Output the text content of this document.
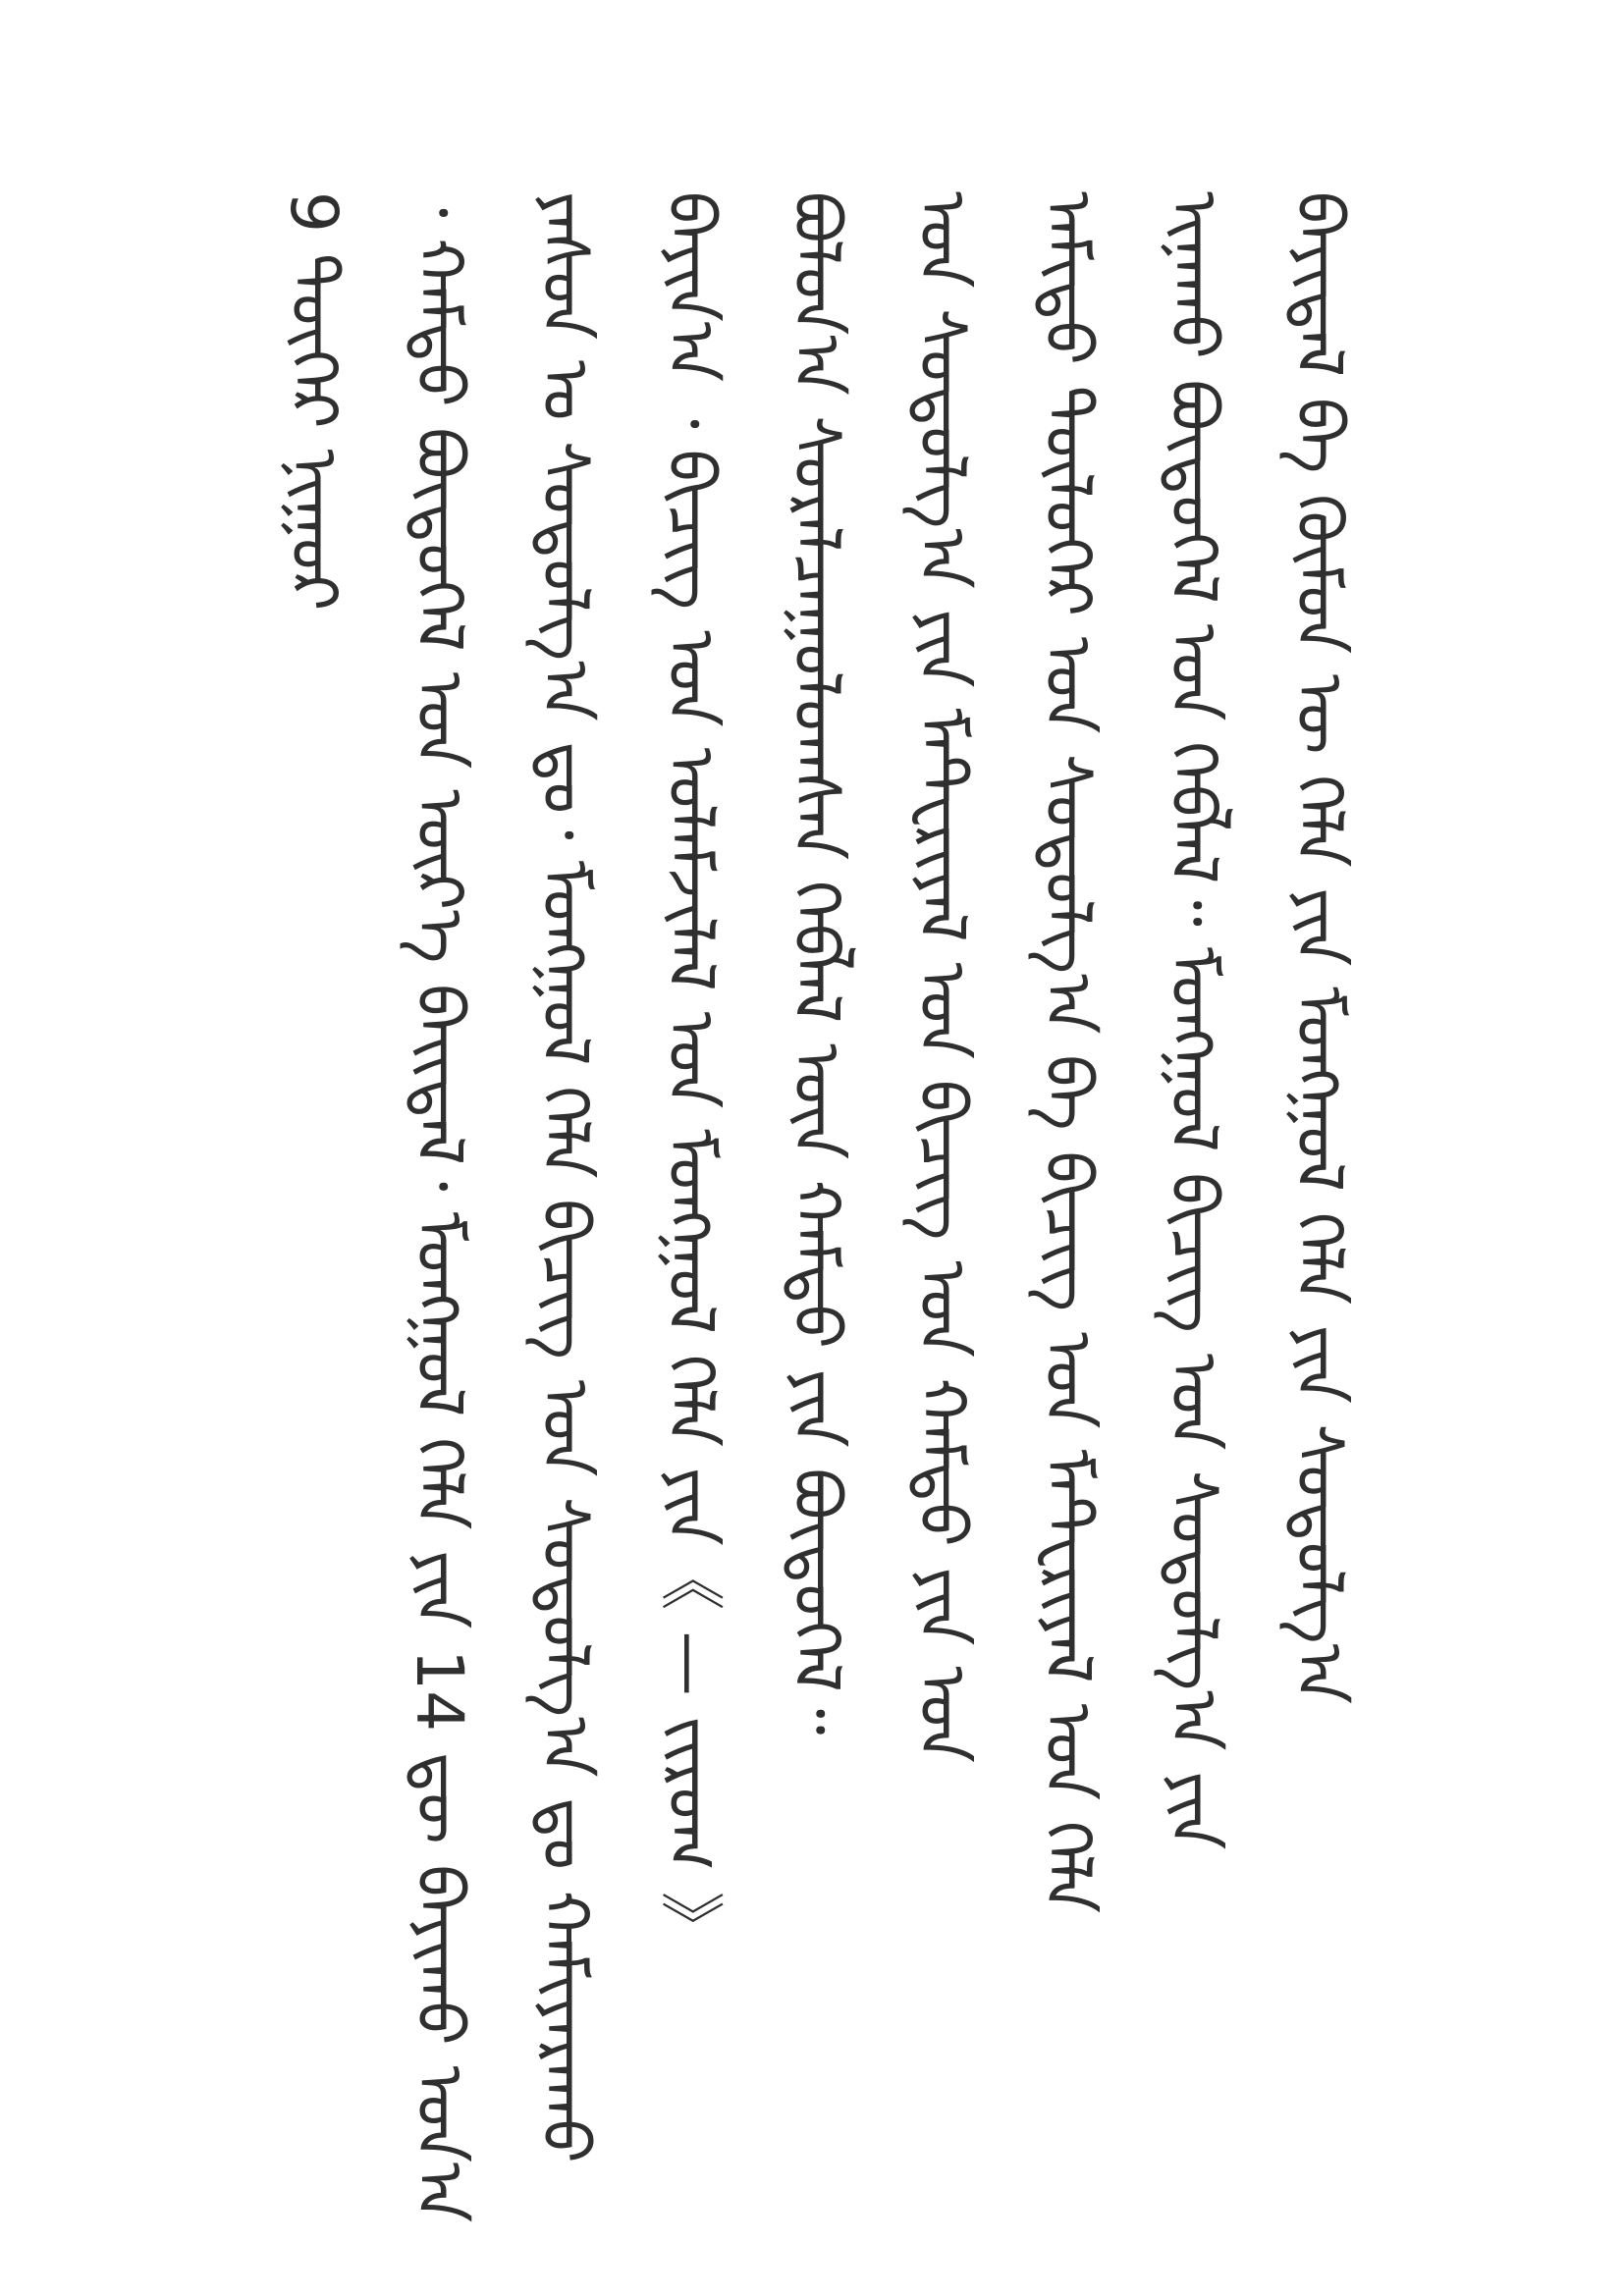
9 ᠳᠦᠭᠡᠷ ᠨᠢᠭᠤᠷ ᠂ ᠬᠠᠮᠲᠤ ᠪᠦᠲᠦᠭᠡᠯ ᠤᠨ ᠦᠷ᠎ᠡ ᠪᠠᠢᠳᠠᠯ᠂ ᠮᠣᠩᠭᠣᠯ ᠬᠡᠯᠡ ᠶᠢᠨ 14 ᠳᠦ ᠪᠠᠶᠢᠬᠤ ᠣᠨ᠎ᠠ ᠶᠠᠰᠤᠨ ᠤ ᠰᠤᠳᠤᠯᠭ᠎ᠠ ᠳᠤ᠂ ᠮᠣᠩᠭᠣᠯ ᠬᠡᠯᠡ ᠪᠢᠴᠢᠭ ᠤᠨ ᠰᠤᠳᠤᠯᠭ᠎ᠠ ᠳᠤ ᠬᠠᠮᠢᠶᠠᠷᠠᠬᠤ ᠪᠠᠶᠢᠨ᠎ᠠ ᠂ ᠪᠢᠴᠢᠭ ᠤᠨ ᠤᠯᠠᠮᠵᠢᠯᠠᠯ ᠤᠨ ᠮᠣᠩᠭᠣᠯ ᠬᠡᠯᠡ ᠶᠢᠨ《 — ᠵᠢᠷᠤᠭ 》 ᠪᠣᠯᠤᠨ᠎ᠠ ᠰᠤᠷᠠᠯᠴᠠᠭᠤᠯᠤᠭᠰᠠᠨ ᠬᠡᠪᠯᠡᠯ ᠦᠨ ᠬᠠᠮᠲᠤ ᠶᠢᠨ ᠪᠦᠲᠦᠭᠡᠯ᠃ ᠤᠨ ᠰᠤᠳᠤᠯᠭ᠎ᠠ ᠶᠢᠨ ᠮᠠᠲᠸᠷᠢᠶᠠᠯ ᠤᠨ ᠪᠢᠴᠢᠭ ᠤᠨ ᠬᠠᠮᠲᠤ ᠶᠢᠨ ᠤᠨ ᠠᠮᠢᠳᠤ ᠲᠦᠯᠦᠭᠡᠷ ᠤᠨ ᠰᠤᠳᠤᠯᠭ᠎ᠠ ᠪᠠ ᠪᠢᠴᠢᠭ ᠤᠨ ᠮᠠᠲᠸᠷᠢᠶᠠᠯ ᠤᠨ ᠬᠡᠯᠡ ᠢᠨᠠᠬᠤ ᠪᠦᠲᠦᠭᠡᠯ ᠤᠨ ᠬᠡᠪᠯᠡᠯ᠃ ᠮᠣᠩᠭᠣᠯ ᠪᠢᠴᠢᠭ ᠤᠨ ᠰᠤᠳᠤᠯᠭ᠎ᠠ ᠶᠢᠨ ᠪᠠᠶᠢᠳᠠᠯ ᠪᠠ ᠬᠦᠮᠦᠨ ᠦ ᠬᠡᠯᠡ ᠶᠢᠨ ᠮᠣᠩᠭᠣᠯ ᠬᠡᠯᠡ ᠶᠢᠨ ᠰᠤᠳᠤᠯᠭ᠎ᠠ
